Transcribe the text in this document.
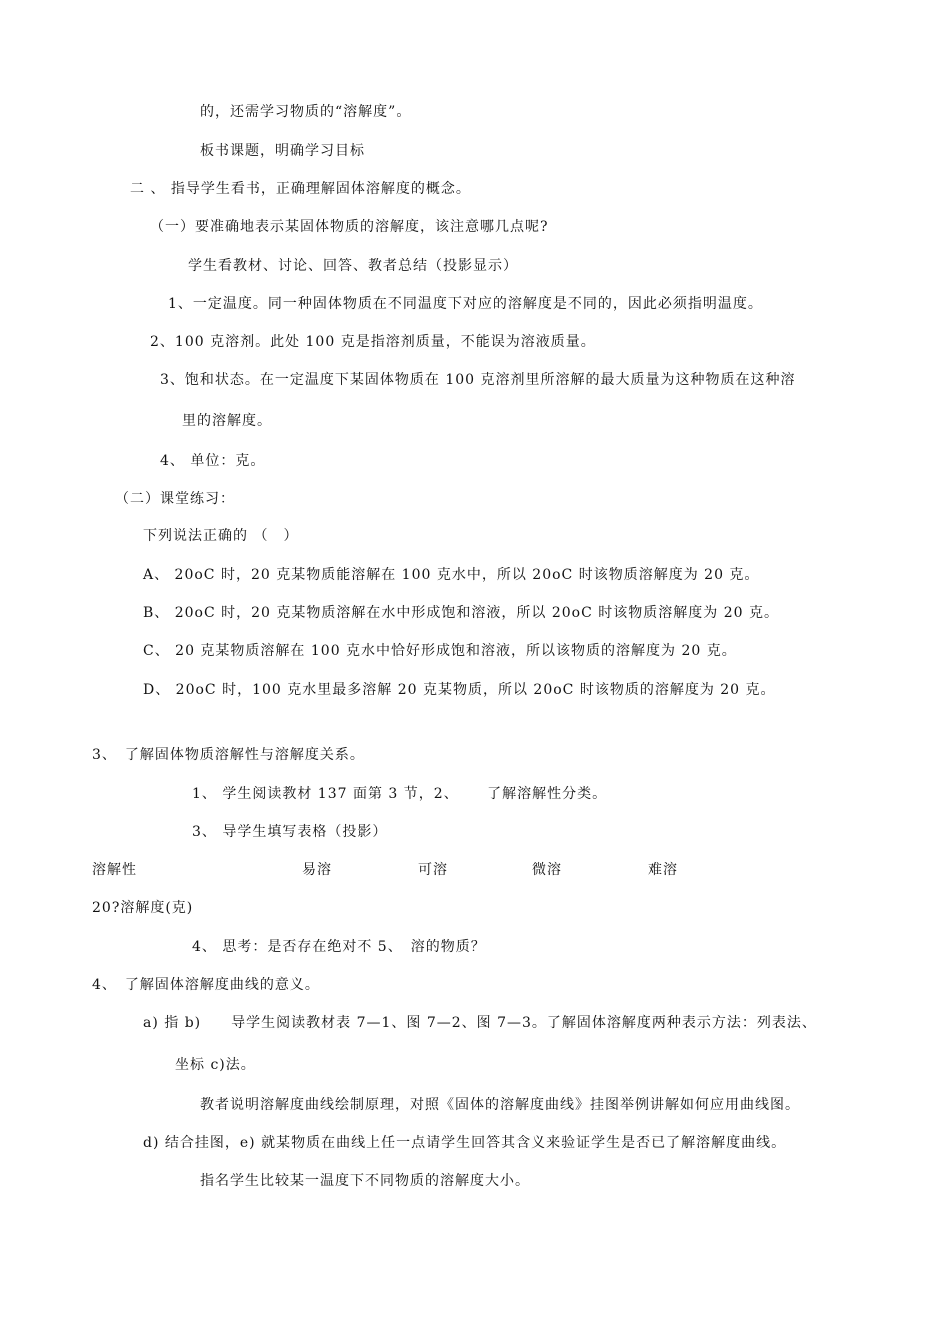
的，还需学习物质的“溶解度”。
板书课题，明确学习目标
二 、 指导学生看书，正确理解固体溶解度的概念。
（一）要准确地表示某固体物质的溶解度，该注意哪几点呢?
学生看教材、讨论、回答、教者总结（投影显示）
1、一定温度。同一种固体物质在不同温度下对应的溶解度是不同的，因此必须指明温度。
2、100 克溶剂。此处 100 克是指溶剂质量，不能误为溶液质量。
3、饱和状态。在一定温度下某固体物质在 100 克溶剂里所溶解的最大质量为这种物质在这种溶
里的溶解度。
4、 单位：克。
（二）课堂练习：
下列说法正确的 （　）
A、 20oC 时，20 克某物质能溶解在 100 克水中，所以 20oC 时该物质溶解度为 20 克。
B、 20oC 时，20 克某物质溶解在水中形成饱和溶液，所以 20oC 时该物质溶解度为 20 克。
C、 20 克某物质溶解在 100 克水中恰好形成饱和溶液，所以该物质的溶解度为 20 克。
D、 20oC 时，100 克水里最多溶解 20 克某物质，所以 20oC 时该物质的溶解度为 20 克。
3、　了解固体物质溶解性与溶解度关系。
1、 学生阅读教材 137 面第 3 节，2、　　 了解溶解性分类。
3、 导学生填写表格（投影）
溶解性	易溶	可溶	微溶	难溶
20?溶解度(克)
4、 思考：是否存在绝对不 5、　溶的物质？
4、　了解固体溶解度曲线的意义。
a) 指 b)　　导学生阅读教材表 7—1、图 7—2、图 7—3。了解固体溶解度两种表示方法：列表法、
坐标 c)法。
教者说明溶解度曲线绘制原理，对照《固体的溶解度曲线》挂图举例讲解如何应用曲线图。
d) 结合挂图，e) 就某物质在曲线上任一点请学生回答其含义来验证学生是否已了解溶解度曲线。
指名学生比较某一温度下不同物质的溶解度大小。
